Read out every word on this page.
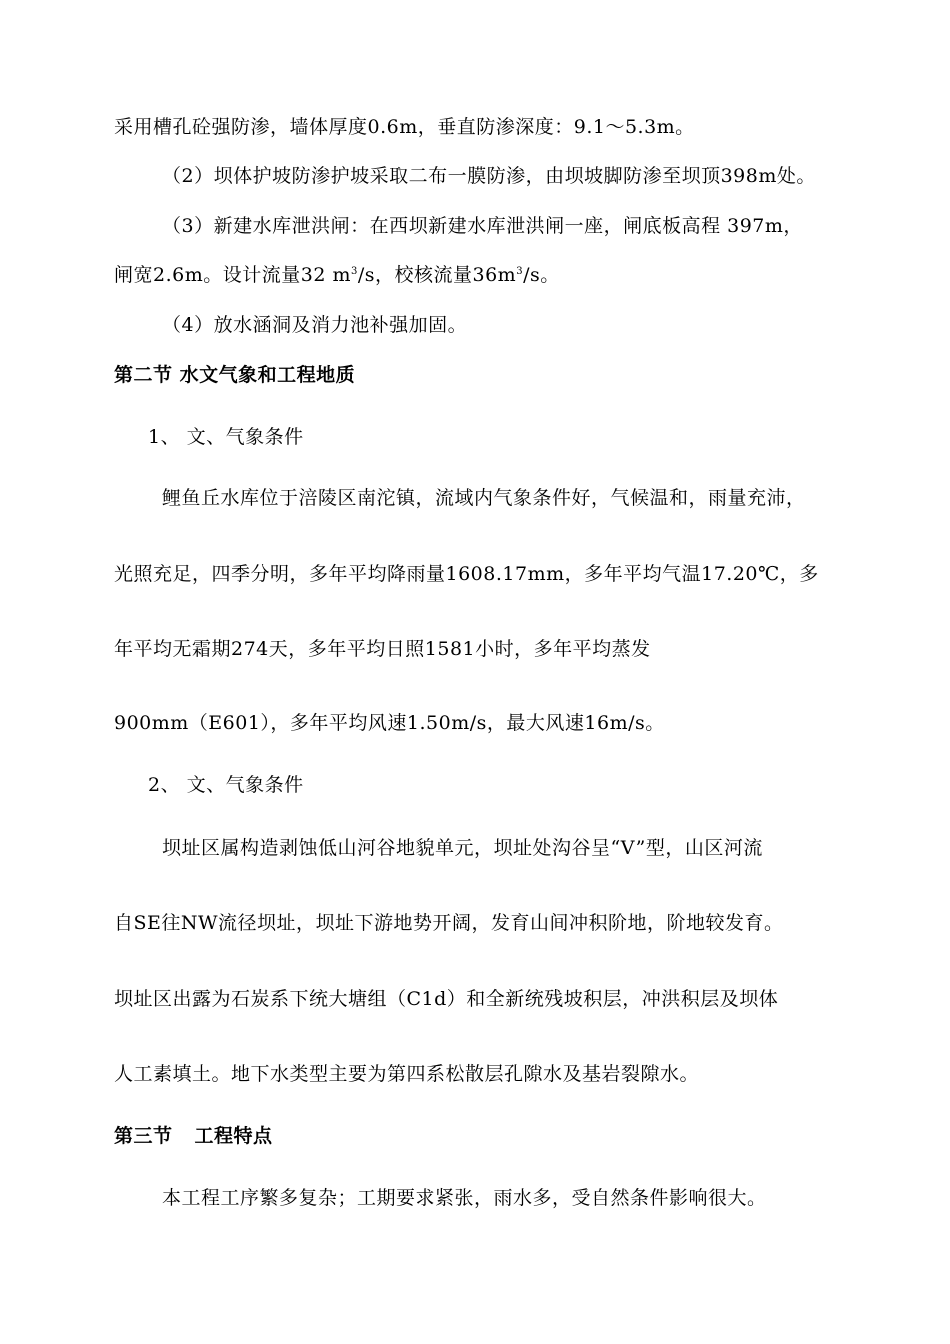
采用槽孔砼强防渗，墙体厚度0.6m，垂直防渗深度：9.1～5.3m。
（2）坝体护坡防渗护坡采取二布一膜防渗，由坝坡脚防渗至坝顶398m处。
（3）新建水库泄洪闸：在西坝新建水库泄洪闸一座，闸底板高程 397m，
闸宽2.6m。设计流量32 $m^3/s$，校核流量$36m^3/s$。
（4）放水涵洞及消力池补强加固。
第二节 水文气象和工程地质
1、 文、气象条件
鲤鱼丘水库位于涪陵区南沱镇，流域内气象条件好，气候温和，雨量充沛，
光照充足，四季分明，多年平均降雨量1608.17mm，多年平均气温17.20℃，多
年平均无霜期274天，多年平均日照1581小时，多年平均蒸发
900mm（E601），多年平均风速1.50m/s，最大风速16m/s。
2、 文、气象条件
坝址区属构造剥蚀低山河谷地貌单元，坝址处沟谷呈“V”型，山区河流
自SE往NW流径坝址，坝址下游地势开阔，发育山间冲积阶地，阶地较发育。
坝址区出露为石炭系下统大塘组（C1d）和全新统残坡积层，冲洪积层及坝体
人工素填土。地下水类型主要为第四系松散层孔隙水及基岩裂隙水。
第三节 工程特点
本工程工序繁多复杂；工期要求紧张，雨水多，受自然条件影响很大。
